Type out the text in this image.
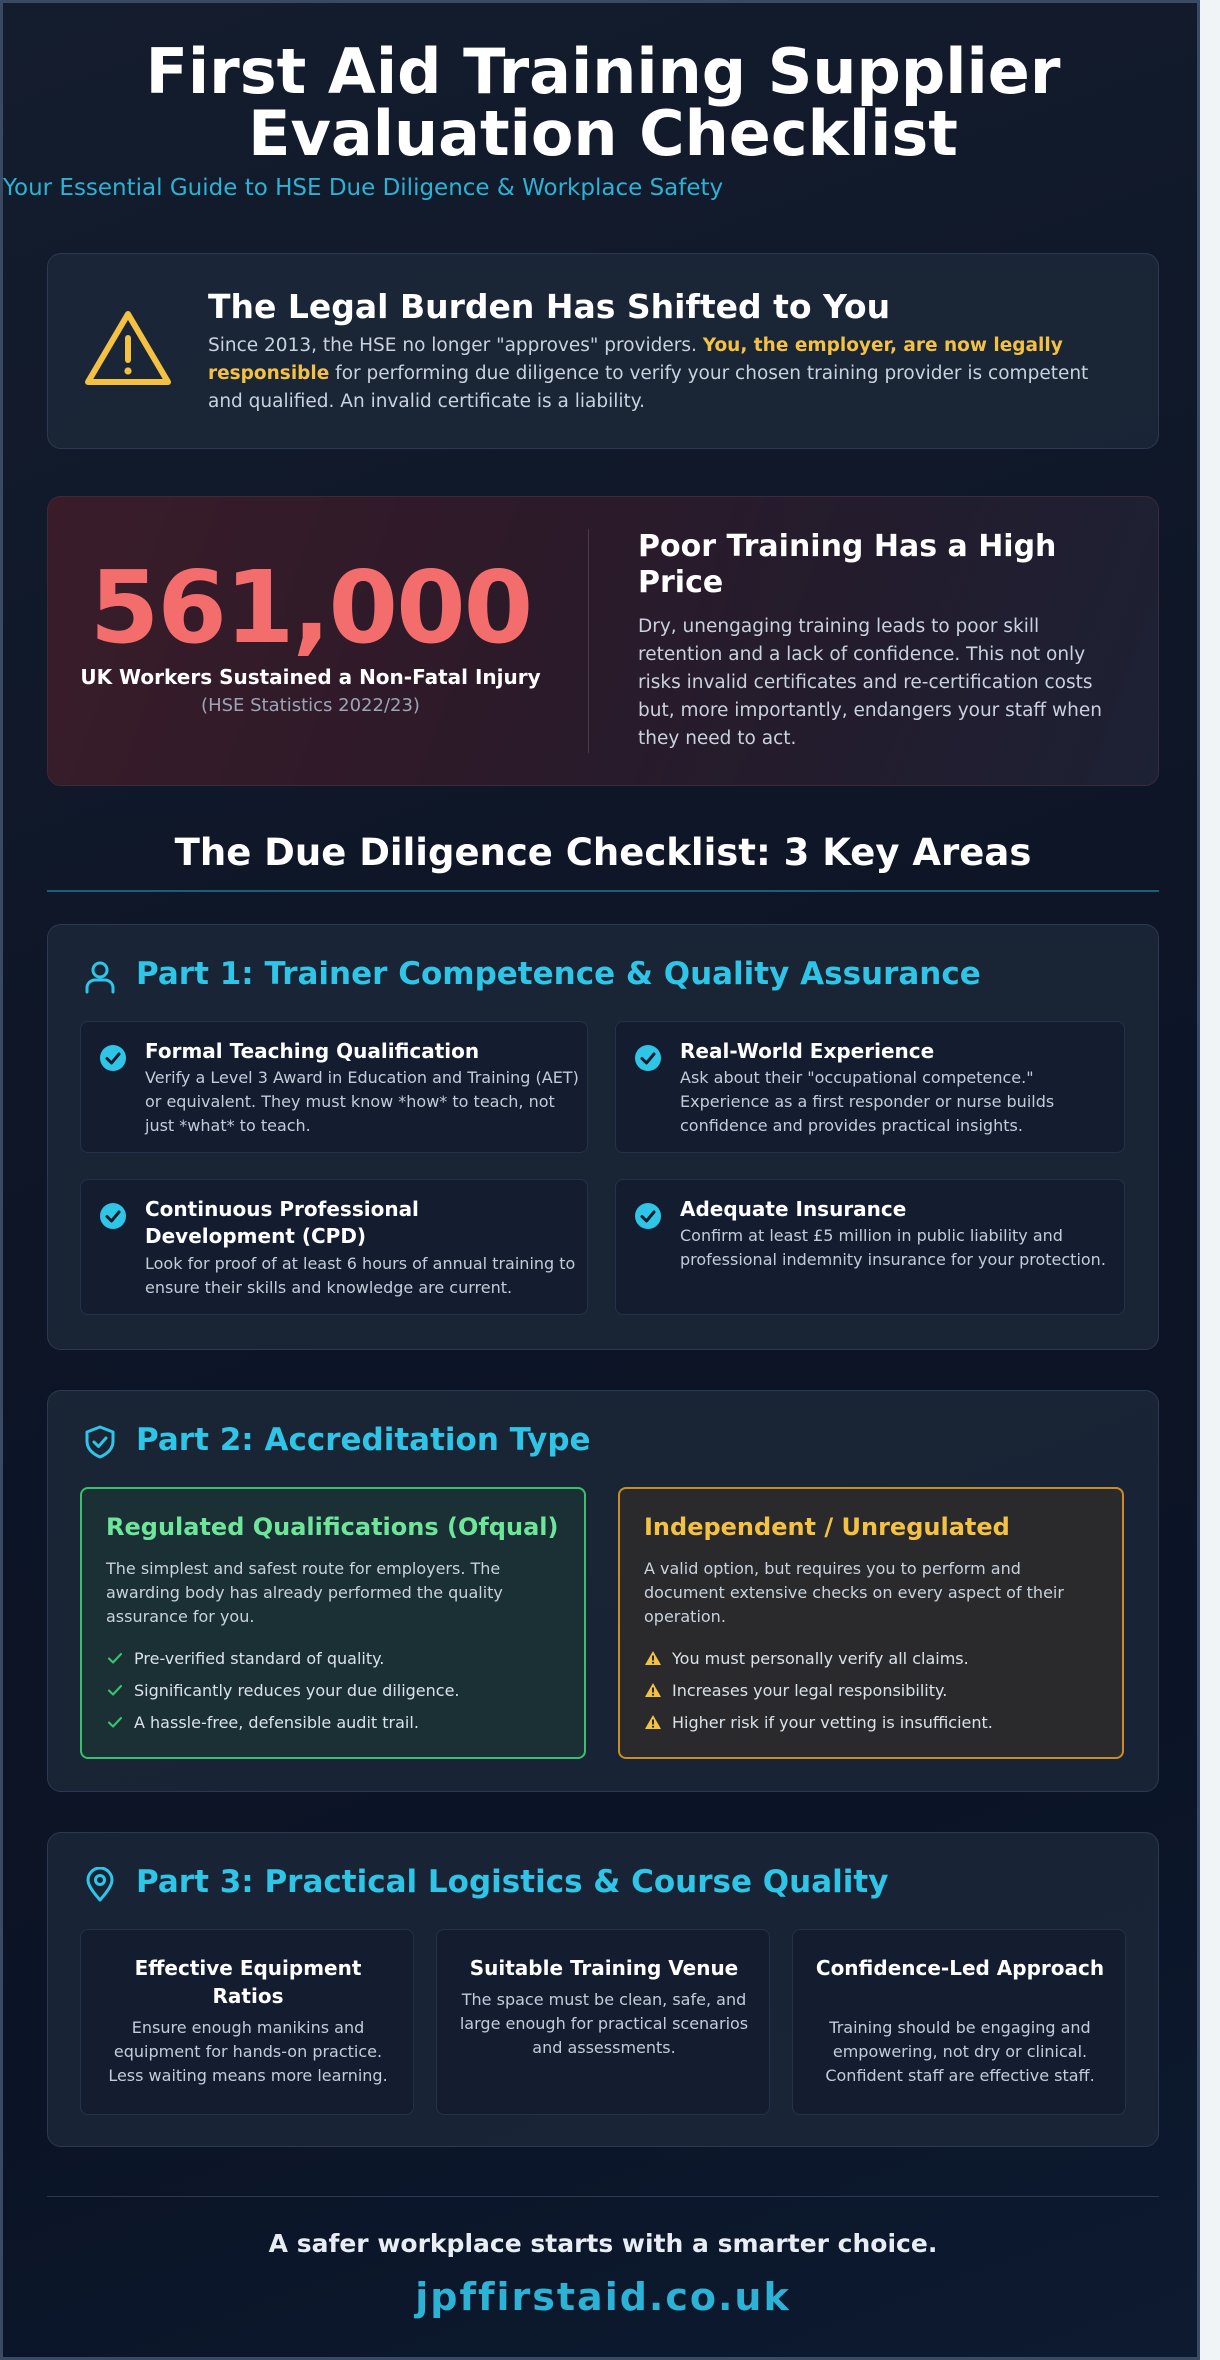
First Aid Training Supplier
Evaluation Checklist
Your Essential Guide to HSE Due Diligence & Workplace Safety
The Legal Burden Has Shifted to You

Since 2013, the HSE no longer "approves" providers. You, the employer, are now legally responsible for performing due diligence to verify your chosen training provider is competent and qualified. An invalid certificate is a liability.

561,000
UK Workers Sustained a Non-Fatal Injury
(HSE Statistics 2022/23)
Poor Training Has a High Price

Dry, unengaging training leads to poor skill retention and a lack of confidence. This not only risks invalid certificates and re-certification costs but, more importantly, endangers your staff when they need to act.

The Due Diligence Checklist: 3 Key Areas
Part 1: Trainer Competence & Quality Assurance
Formal Teaching Qualification

Verify a Level 3 Award in Education and Training (AET) or equivalent. They must know *how* to teach, not just *what* to teach.

Real-World Experience

Ask about their "occupational competence." Experience as a first responder or nurse builds confidence and provides practical insights.

Continuous Professional Development (CPD)

Look for proof of at least 6 hours of annual training to ensure their skills and knowledge are current.

Adequate Insurance

Confirm at least £5 million in public liability and professional indemnity insurance for your protection.

Part 2: Accreditation Type
Regulated Qualifications (Ofqual)

The simplest and safest route for employers. The awarding body has already performed the quality assurance for you.

Pre-verified standard of quality.
Significantly reduces your due diligence.
A hassle-free, defensible audit trail.
Independent / Unregulated

A valid option, but requires you to perform and document extensive checks on every aspect of their operation.

You must personally verify all claims.
Increases your legal responsibility.
Higher risk if your vetting is insufficient.
Part 3: Practical Logistics & Course Quality
Effective Equipment Ratios

Ensure enough manikins and equipment for hands-on practice. Less waiting means more learning.

Suitable Training Venue

The space must be clean, safe, and large enough for practical scenarios and assessments.

Confidence-Led Approach

Training should be engaging and empowering, not dry or clinical. Confident staff are effective staff.

A safer workplace starts with a smarter choice.
jpffirstaid.co.uk
